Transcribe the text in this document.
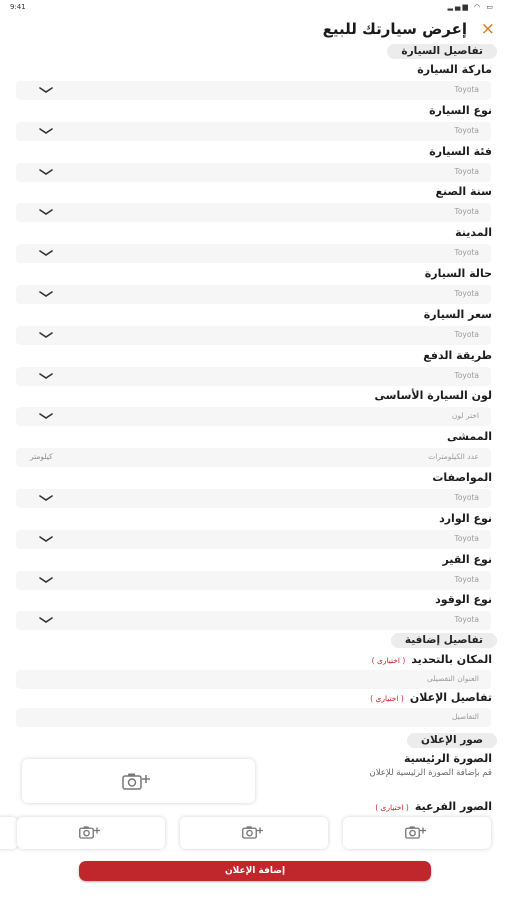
9:41	▂▄▆ ◠ ▭
×
إعرض سيارتك للبيع
تفاصيل السيارة
ماركة السيارة
Toyota
نوع السيارة
Toyota
فئة السيارة
Toyota
سنة الصنع
Toyota
المدينة
Toyota
حالة السيارة
Toyota
سعر السيارة
Toyota
طريقة الدفع
Toyota
لون السيارة الأساسى
اختر لون
الممشى
عدد الكيلومترات
كيلومتر
المواصفات
Toyota
نوع الوارد
Toyota
نوع القير
Toyota
نوع الوقود
Toyota
تفاصيل إضافية
المكان بالتحديد( اختيارى )
العنوان التفصيلى
تفاصيل الإعلان( اختيارى )
التفاصيل
صور الإعلان
الصورة الرئيسية
قم بإضافة الصورة الرئيسية للإعلان
الصور الفرعية( اختيارى )
إضافة الإعلان
